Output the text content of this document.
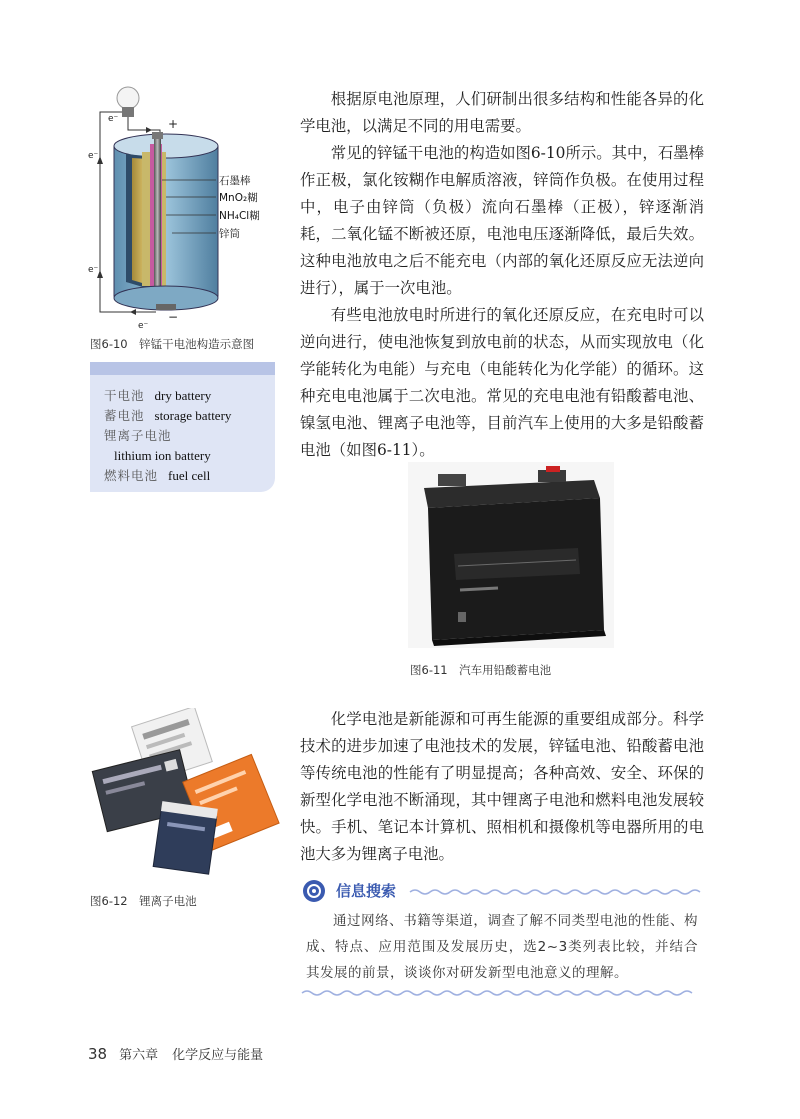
e⁻
e⁻
e⁻
e⁻
+
−
石墨棒
MnO₂糊
NH₄Cl糊
锌筒
图6-10　锌锰干电池构造示意图
干电池 dry battery
蓄电池 storage battery
锂离子电池
lithium ion battery
燃料电池 fuel cell

根据原电池原理，人们研制出很多结构和性能各异的化学电池，以满足不同的用电需要。

常见的锌锰干电池的构造如图6-10所示。其中，石墨棒作正极，氯化铵糊作电解质溶液，锌筒作负极。在使用过程中，电子由锌筒（负极）流向石墨棒（正极），锌逐渐消耗，二氧化锰不断被还原，电池电压逐渐降低，最后失效。这种电池放电之后不能充电（内部的氧化还原反应无法逆向进行），属于一次电池。

有些电池放电时所进行的氧化还原反应，在充电时可以逆向进行，使电池恢复到放电前的状态，从而实现放电（化学能转化为电能）与充电（电能转化为化学能）的循环。这种充电电池属于二次电池。常见的充电电池有铅酸蓄电池、镍氢电池、锂离子电池等，目前汽车上使用的大多是铅酸蓄电池（如图6-11）。

图6-11　汽车用铅酸蓄电池
图6-12　锂离子电池

化学电池是新能源和可再生能源的重要组成部分。科学技术的进步加速了电池技术的发展，锌锰电池、铅酸蓄电池等传统电池的性能有了明显提高；各种高效、安全、环保的新型化学电池不断涌现，其中锂离子电池和燃料电池发展较快。手机、笔记本计算机、照相机和摄像机等电器所用的电池大多为锂离子电池。

信息搜索
通过网络、书籍等渠道，调查了解不同类型电池的性能、构成、特点、应用范围及发展历史，选2~3类列表比较，并结合其发展的前景，谈谈你对研发新型电池意义的理解。
38 第六章 化学反应与能量
